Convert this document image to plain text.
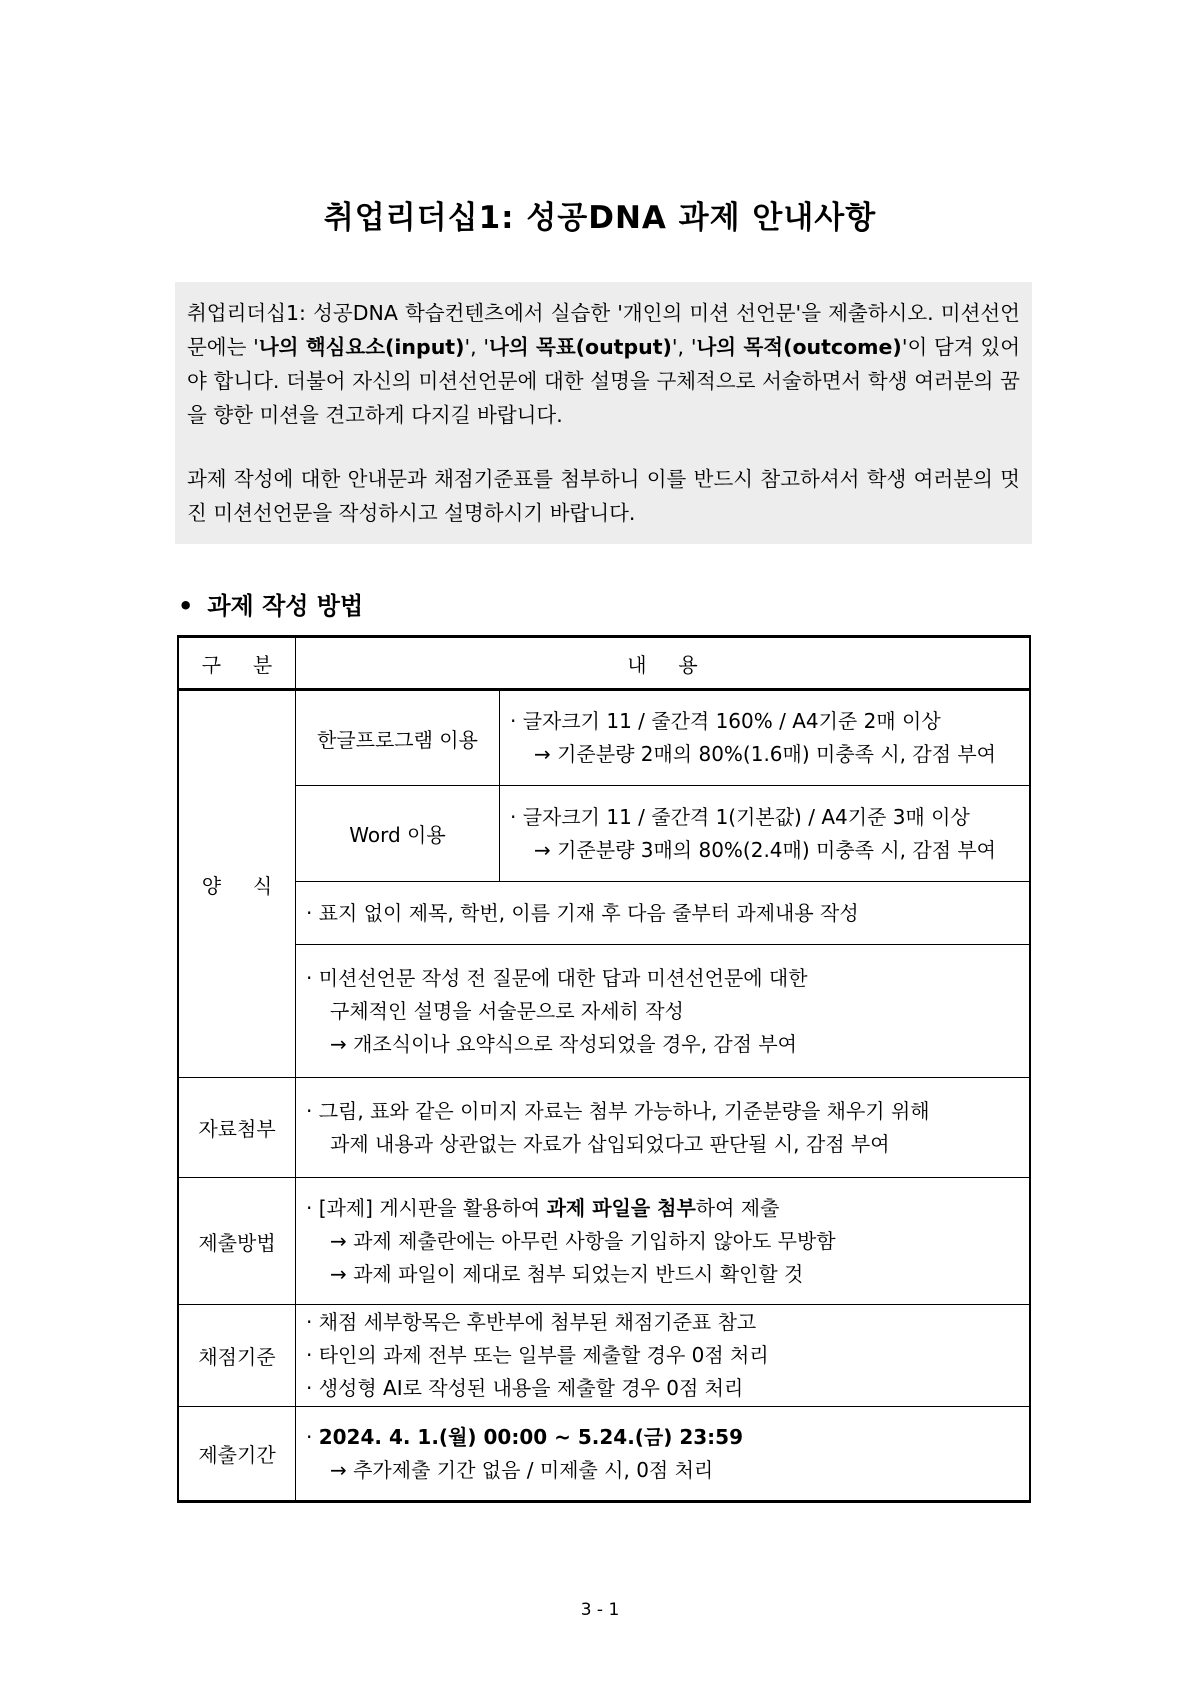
취업리더십1: 성공DNA 과제 안내사항

취업리더십1: 성공DNA 학습컨텐츠에서 실습한 '개인의 미션 선언문'을 제출하시오. 미션선언문에는 '나의 핵심요소(input)', '나의 목표(output)', '나의 목적(outcome)'이 담겨 있어야 합니다. 더불어 자신의 미션선언문에 대한 설명을 구체적으로 서술하면서 학생 여러분의 꿈을 향한 미션을 견고하게 다지길 바랍니다.

과제 작성에 대한 안내문과 채점기준표를 첨부하니 이를 반드시 참고하셔서 학생 여러분의 멋진 미션선언문을 작성하시고 설명하시기 바랍니다.

• 과제 작성 방법
구     분	내     용	
양     식	한글프로그램 이용	· 글자크기 11 / 줄간격 160% / A4기준 2매 이상
→ 기준분량 2매의 80%(1.6매) 미충족 시, 감점 부여

	Word 이용	· 글자크기 11 / 줄간격 1(기본값) / A4기준 3매 이상
→ 기준분량 3매의 80%(2.4매) 미충족 시, 감점 부여

	· 표지 없이 제목, 학번, 이름 기재 후 다음 줄부터 과제내용 작성	

	· 미션선언문 작성 전 질문에 대한 답과 미션선언문에 대한
구체적인 설명을 서술문으로 자세히 작성
→ 개조식이나 요약식으로 작성되었을 경우, 감점 부여	

자료첨부	· 그림, 표와 같은 이미지 자료는 첨부 가능하나, 기준분량을 채우기 위해
과제 내용과 상관없는 자료가 삽입되었다고 판단될 시, 감점 부여	

제출방법	· [과제] 게시판을 활용하여 과제 파일을 첨부하여 제출
→ 과제 제출란에는 아무런 사항을 기입하지 않아도 무방함
→ 과제 파일이 제대로 첨부 되었는지 반드시 확인할 것	

채점기준	· 채점 세부항목은 후반부에 첨부된 채점기준표 참고
· 타인의 과제 전부 또는 일부를 제출할 경우 0점 처리
· 생성형 AI로 작성된 내용을 제출할 경우 0점 처리	

제출기간	· 2024. 4. 1.(월) 00:00 ~ 5.24.(금) 23:59
→ 추가제출 기간 없음 / 미제출 시, 0점 처리	
3 - 1
